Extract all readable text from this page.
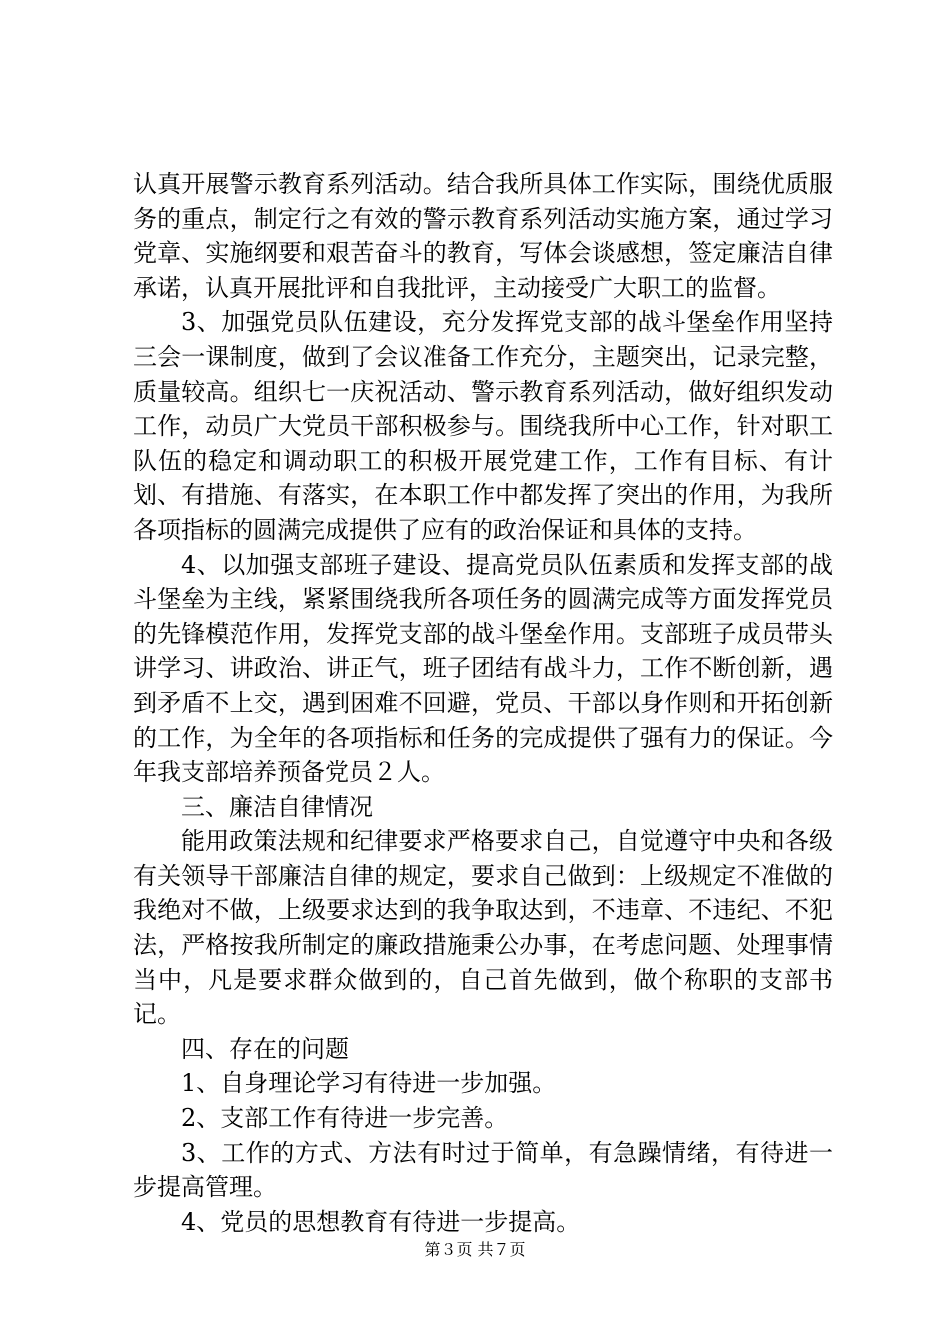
认真开展警示教育系列活动。结合我所具体工作实际，围绕优质服务的重点，制定行之有效的警示教育系列活动实施方案，通过学习党章、实施纲要和艰苦奋斗的教育，写体会谈感想，签定廉洁自律承诺，认真开展批评和自我批评，主动接受广大职工的监督。

3、加强党员队伍建设，充分发挥党支部的战斗堡垒作用坚持三会一课制度，做到了会议准备工作充分，主题突出，记录完整，质量较高。组织七一庆祝活动、警示教育系列活动，做好组织发动工作，动员广大党员干部积极参与。围绕我所中心工作，针对职工队伍的稳定和调动职工的积极开展党建工作，工作有目标、有计划、有措施、有落实，在本职工作中都发挥了突出的作用，为我所各项指标的圆满完成提供了应有的政治保证和具体的支持。

4、以加强支部班子建设、提高党员队伍素质和发挥支部的战斗堡垒为主线，紧紧围绕我所各项任务的圆满完成等方面发挥党员的先锋模范作用，发挥党支部的战斗堡垒作用。支部班子成员带头讲学习、讲政治、讲正气，班子团结有战斗力，工作不断创新，遇到矛盾不上交，遇到困难不回避，党员、干部以身作则和开拓创新的工作，为全年的各项指标和任务的完成提供了强有力的保证。今年我支部培养预备党员２人。

三、廉洁自律情况

能用政策法规和纪律要求严格要求自己，自觉遵守中央和各级有关领导干部廉洁自律的规定，要求自己做到：上级规定不准做的我绝对不做，上级要求达到的我争取达到，不违章、不违纪、不犯法，严格按我所制定的廉政措施秉公办事，在考虑问题、处理事情当中，凡是要求群众做到的，自己首先做到，做个称职的支部书记。

四、存在的问题

1、自身理论学习有待进一步加强。

2、支部工作有待进一步完善。

3、工作的方式、方法有时过于简单，有急躁情绪，有待进一步提高管理。

4、党员的思想教育有待进一步提高。

第３页 共７页
